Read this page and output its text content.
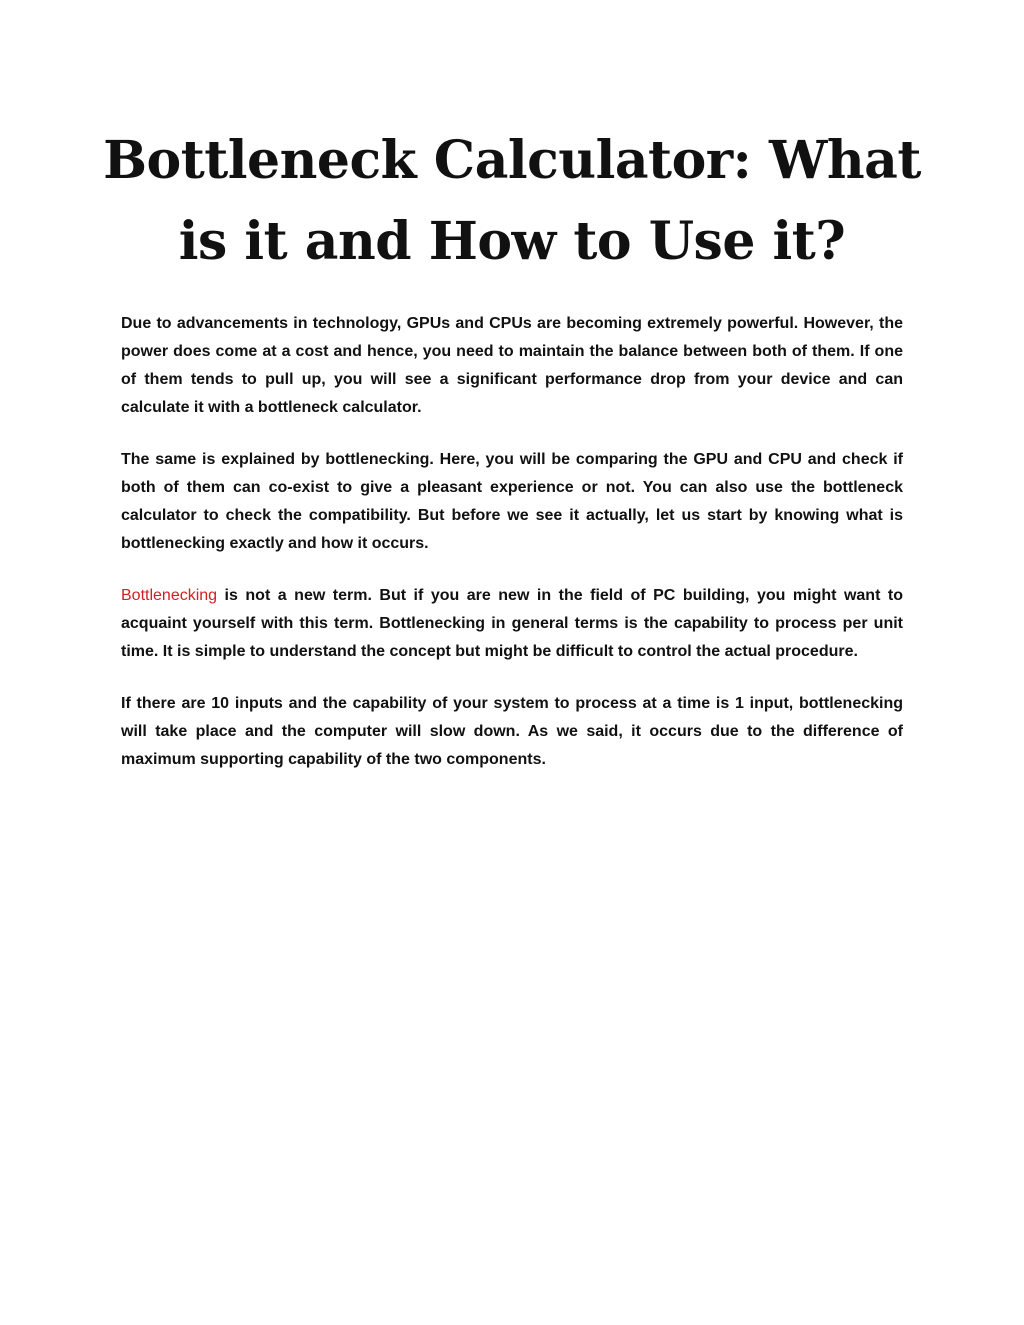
Bottleneck Calculator: What is it and How to Use it?

Due to advancements in technology, GPUs and CPUs are becoming extremely powerful. However, the power does come at a cost and hence, you need to maintain the balance between both of them. If one of them tends to pull up, you will see a significant performance drop from your device and can calculate it with a bottleneck calculator.

The same is explained by bottlenecking. Here, you will be comparing the GPU and CPU and check if both of them can co-exist to give a pleasant experience or not. You can also use the bottleneck calculator to check the compatibility. But before we see it actually, let us start by knowing what is bottlenecking exactly and how it occurs.

Bottlenecking is not a new term. But if you are new in the field of PC building, you might want to acquaint yourself with this term. Bottlenecking in general terms is the capability to process per unit time. It is simple to understand the concept but might be difficult to control the actual procedure.

If there are 10 inputs and the capability of your system to process at a time is 1 input, bottlenecking will take place and the computer will slow down. As we said, it occurs due to the difference of maximum supporting capability of the two components.
